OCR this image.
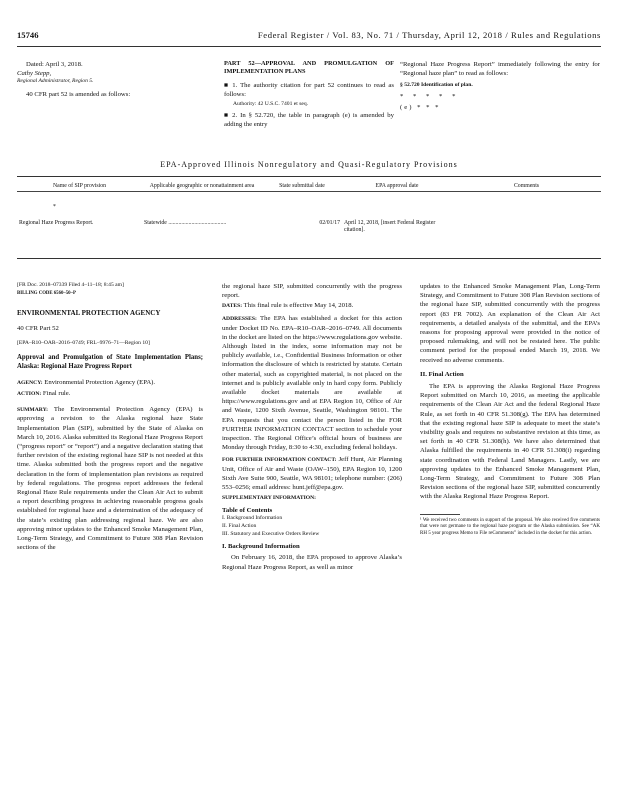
15746	Federal Register / Vol. 83, No. 71 / Thursday, April 12, 2018 / Rules and Regulations

Dated: April 3, 2018.

Cathy Stepp,

Regional Administrator, Region 5.

40 CFR part 52 is amended as follows:

PART 52—APPROVAL AND PROMULGATION OF IMPLEMENTATION PLANS

■ 1. The authority citation for part 52 continues to read as follows:

Authority: 42 U.S.C. 7401 et seq.

■ 2. In § 52.720, the table in paragraph (e) is amended by adding the entry

“Regional Haze Progress Report” immediately following the entry for “Regional haze plan” to read as follows:

§ 52.720 Identification of plan.

* * * * *

(e) * * *

EPA-Approved Illinois Nonregulatory and Quasi-Regulatory Provisions
Name of SIP provision	Applicable geographic or nonattainment area	State submittal date	EPA approval date	Comments

*				
Regional Haze Progress Report.	Statewide ........................................	02/01/17	April 12, 2018, [insert Federal Register citation].	

[FR Doc. 2018–07339 Filed 4–11–18; 8:45 am]

BILLING CODE 6560–50–P

ENVIRONMENTAL PROTECTION AGENCY

40 CFR Part 52

[EPA–R10–OAR–2016–0749; FRL–9976–71—Region 10]

Approval and Promulgation of State Implementation Plans; Alaska: Regional Haze Progress Report

AGENCY: Environmental Protection Agency (EPA).

ACTION: Final rule.

SUMMARY: The Environmental Protection Agency (EPA) is approving a revision to the Alaska regional haze State Implementation Plan (SIP), submitted by the State of Alaska on March 10, 2016. Alaska submitted its Regional Haze Progress Report (“progress report” or “report”) and a negative declaration stating that further revision of the existing regional haze SIP is not needed at this time. Alaska submitted both the progress report and the negative declaration in the form of implementation plan revisions as required by federal regulations. The progress report addresses the federal Regional Haze Rule requirements under the Clean Air Act to submit a report describing progress in achieving reasonable progress goals established for regional haze and a determination of the adequacy of the state’s existing plan addressing regional haze. We are also approving minor updates to the Enhanced Smoke Management Plan, Long-Term Strategy, and Commitment to Future 308 Plan Revision sections of the

the regional haze SIP, submitted concurrently with the progress report.

DATES: This final rule is effective May 14, 2018.

ADDRESSES: The EPA has established a docket for this action under Docket ID No. EPA–R10–OAR–2016–0749. All documents in the docket are listed on the https://www.regulations.gov website. Although listed in the index, some information may not be publicly available, i.e., Confidential Business Information or other information the disclosure of which is restricted by statute. Certain other material, such as copyrighted material, is not placed on the internet and is publicly available only in hard copy form. Publicly available docket materials are available at https://www.regulations.gov and at EPA Region 10, Office of Air and Waste, 1200 Sixth Avenue, Seattle, Washington 98101. The EPA requests that you contact the person listed in the FOR FURTHER INFORMATION CONTACT section to schedule your inspection. The Regional Office’s official hours of business are Monday through Friday, 8:30 to 4:30, excluding federal holidays.

FOR FURTHER INFORMATION CONTACT: Jeff Hunt, Air Planning Unit, Office of Air and Waste (OAW–150), EPA Region 10, 1200 Sixth Ave Suite 900, Seattle, WA 98101; telephone number: (206) 553–0256; email address: hunt.jeff@epa.gov.

SUPPLEMENTARY INFORMATION:

Table of Contents

I. Background Information

II. Final Action

III. Statutory and Executive Orders Review

I. Background Information

On February 16, 2018, the EPA proposed to approve Alaska’s Regional Haze Progress Report, as well as minor

updates to the Enhanced Smoke Management Plan, Long-Term Strategy, and Commitment to Future 308 Plan Revision sections of the regional haze SIP, submitted concurrently with the progress report (83 FR 7002). An explanation of the Clean Air Act requirements, a detailed analysis of the submittal, and the EPA’s reasons for proposing approval were provided in the notice of proposed rulemaking, and will not be restated here. The public comment period for the proposal ended March 19, 2018. We received no adverse comments.

II. Final Action

The EPA is approving the Alaska Regional Haze Progress Report submitted on March 10, 2016, as meeting the applicable requirements of the Clean Air Act and the federal Regional Haze Rule, as set forth in 40 CFR 51.308(g). The EPA has determined that the existing regional haze SIP is adequate to meet the state’s visibility goals and requires no substantive revision at this time, as set forth in 40 CFR 51.308(h). We have also determined that Alaska fulfilled the requirements in 40 CFR 51.308(i) regarding state coordination with Federal Land Managers. Lastly, we are approving updates to the Enhanced Smoke Management Plan, Long-Term Strategy, and Commitment to Future 308 Plan Revision sections of the regional haze SIP, submitted concurrently with the Alaska Regional Haze Progress Report.

¹ We received two comments in support of the proposal. We also received five comments that were not germane to the regional haze program or the Alaska submission. See “AK RH 5 year progress Memo to File reComments” included in the docket for this action.
